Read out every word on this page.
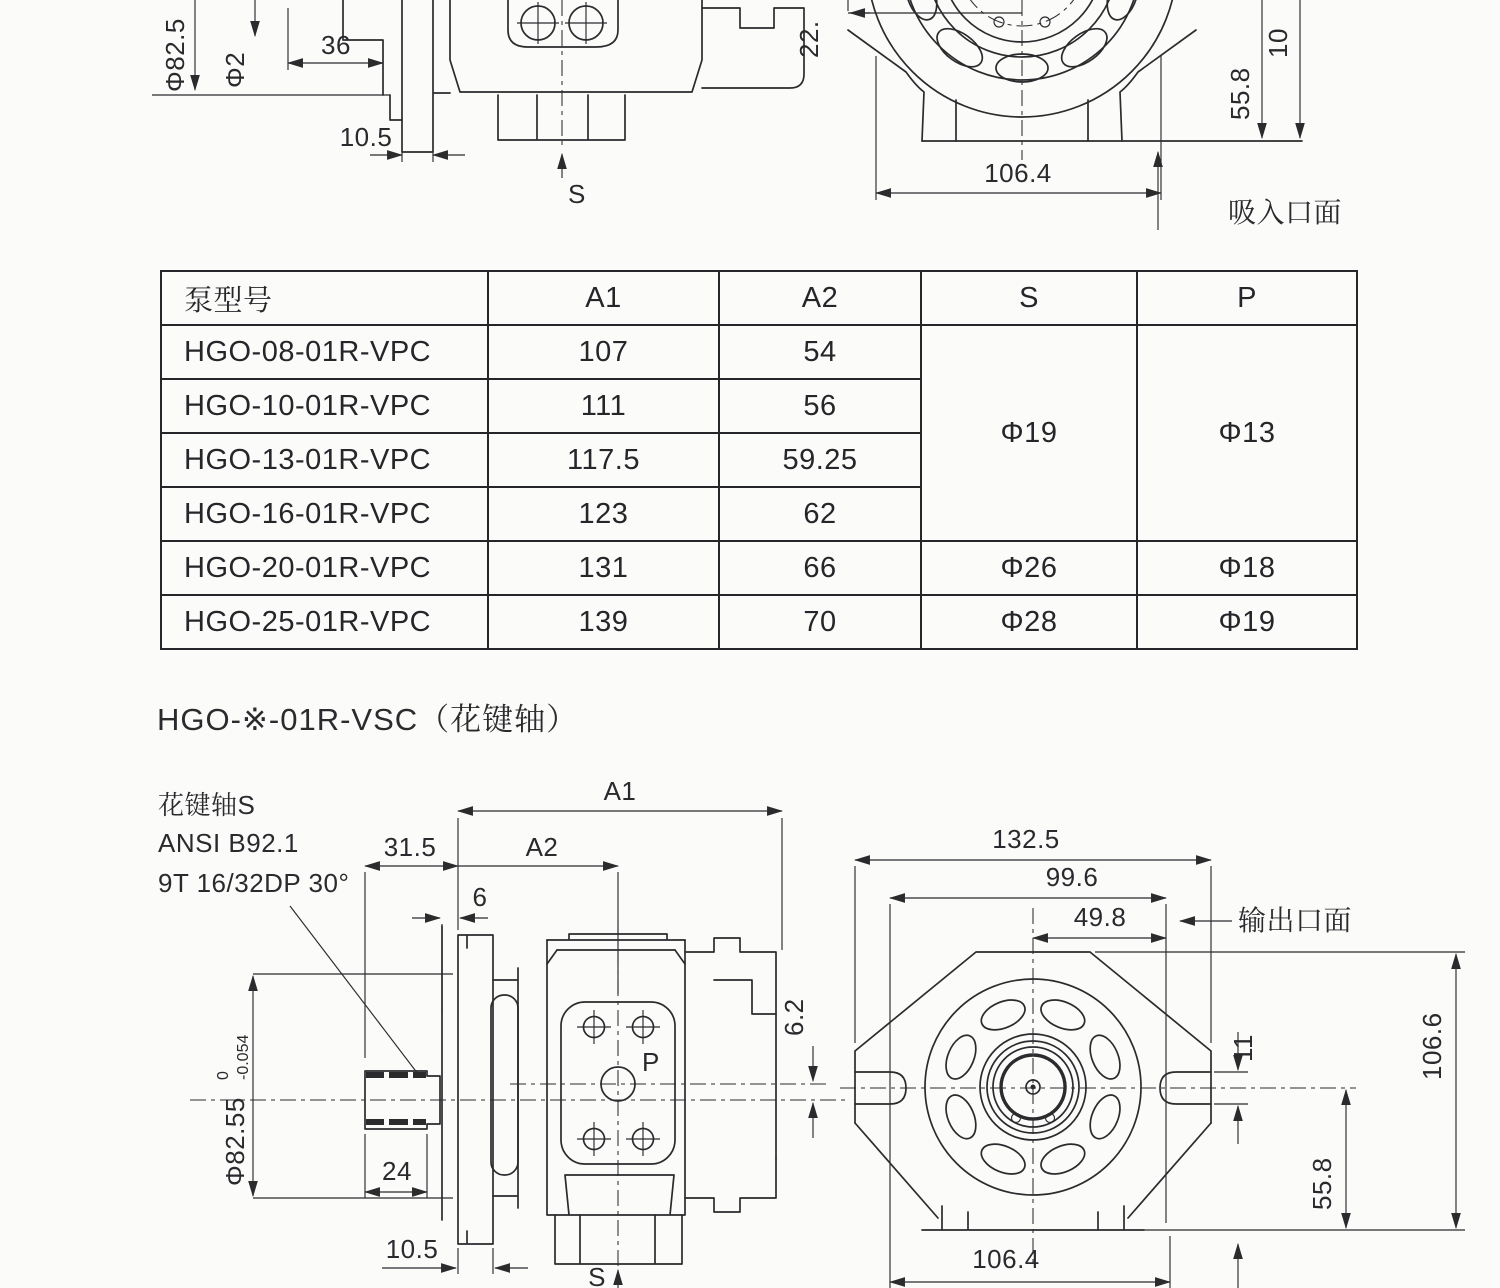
Φ82.5 Φ2
36
10.5
S
22.
55.8
10
106.4
吸入口面
泵型号	A1	A2	S	P
HGO-08-01R-VPC	107	54	Φ19	Φ13
HGO-10-01R-VPC	111	56		
HGO-13-01R-VPC	117.5	59.25		
HGO-16-01R-VPC	123	62		
HGO-20-01R-VPC	131	66	Φ26	Φ18
HGO-25-01R-VPC	139	70	Φ28	Φ19
HGO-※-01R-VSC（花键轴）
花键轴S
ANSI B92.1
9T 16/32DP 30°
A1
31.5	A2
6
Φ82.55
0 -0.054
24
P
6.2
S
10.5
132.5
99.6
49.8	输出口面
11	106.6
55.8
106.4
